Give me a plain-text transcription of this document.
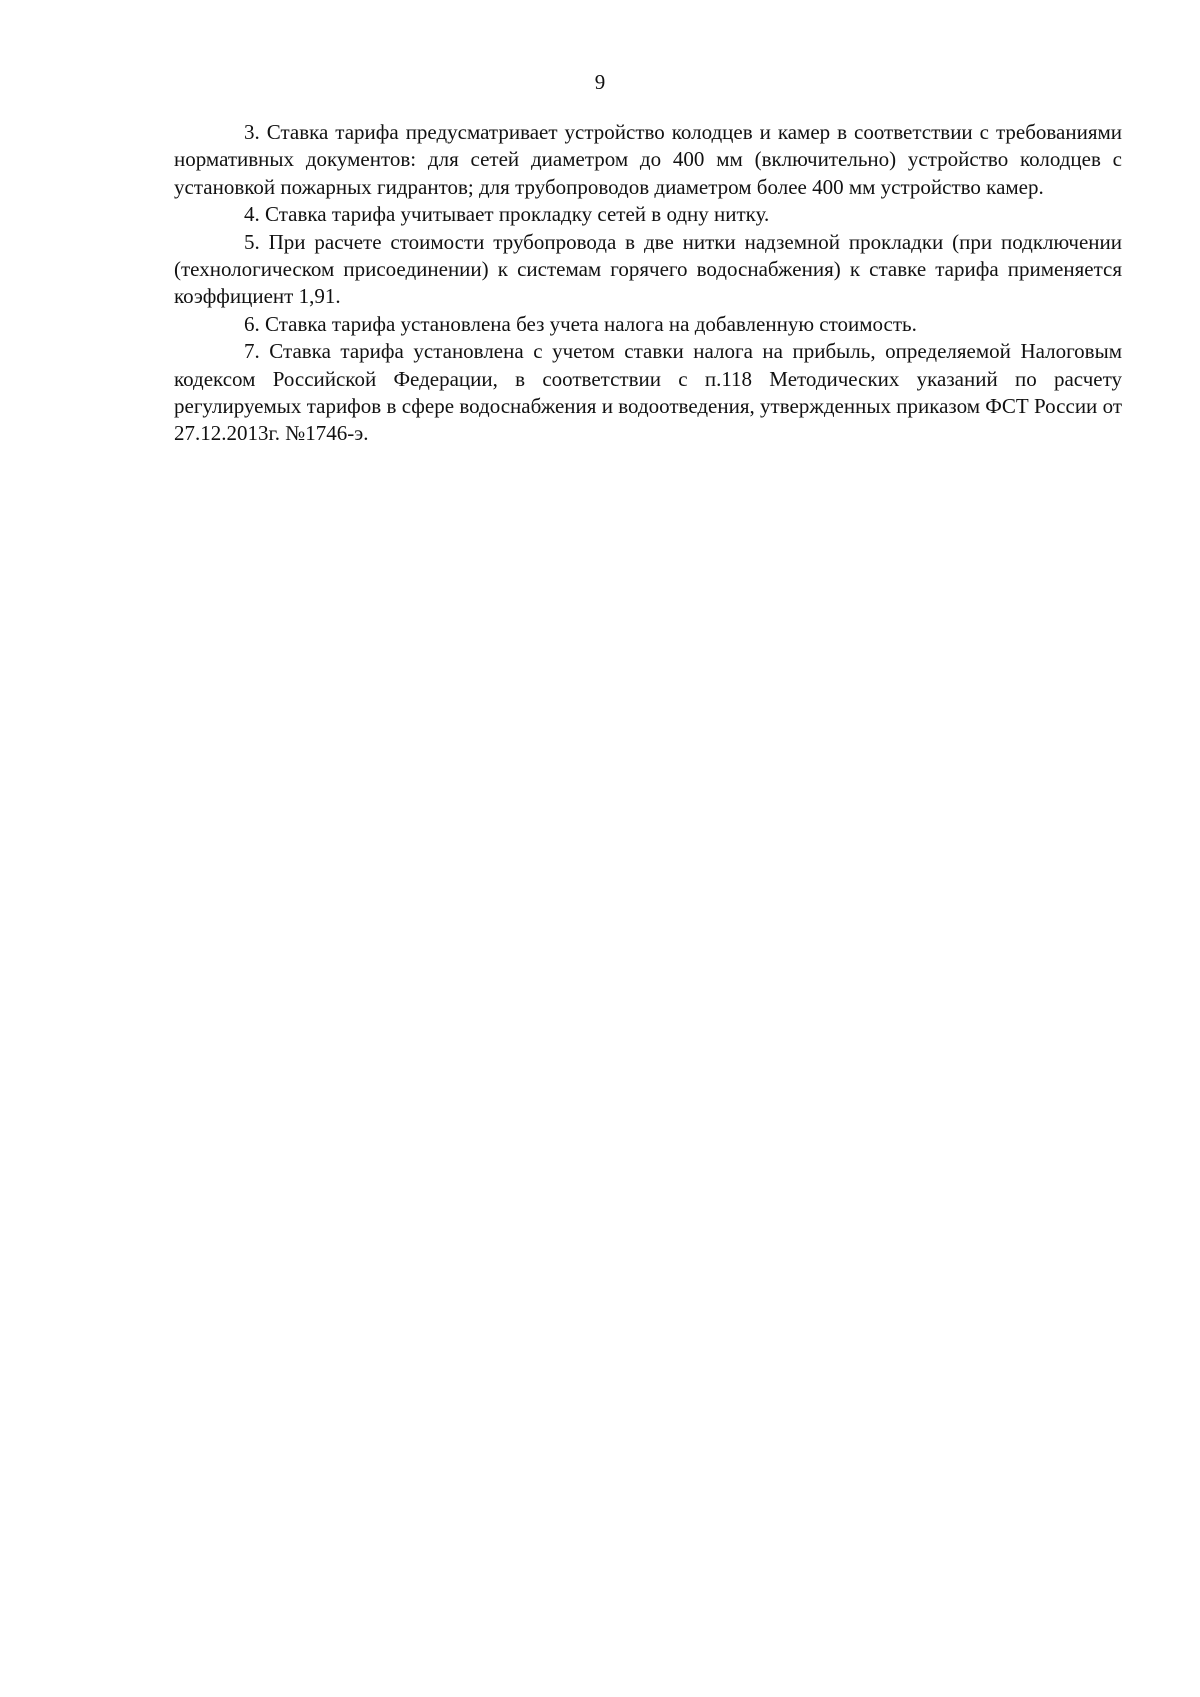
9

3. Ставка тарифа предусматривает устройство колодцев и камер в соответствии с требованиями нормативных документов: для сетей диаметром до 400 мм (включительно) устройство колодцев с установкой пожарных гидрантов; для трубопроводов диаметром более 400 мм устройство камер.

4. Ставка тарифа учитывает прокладку сетей в одну нитку.

5. При расчете стоимости трубопровода в две нитки надземной прокладки (при подключении (технологическом присоединении) к системам горячего водоснабжения) к ставке тарифа применяется коэффициент 1,91.

6. Ставка тарифа установлена без учета налога на добавленную стоимость.

7. Ставка тарифа установлена с учетом ставки налога на прибыль, определяемой Налоговым кодексом Российской Федерации, в соответствии с п.118 Методических указаний по расчету регулируемых тарифов в сфере водоснабжения и водоотведения, утвержденных приказом ФСТ России от 27.12.2013г. №1746-э.
